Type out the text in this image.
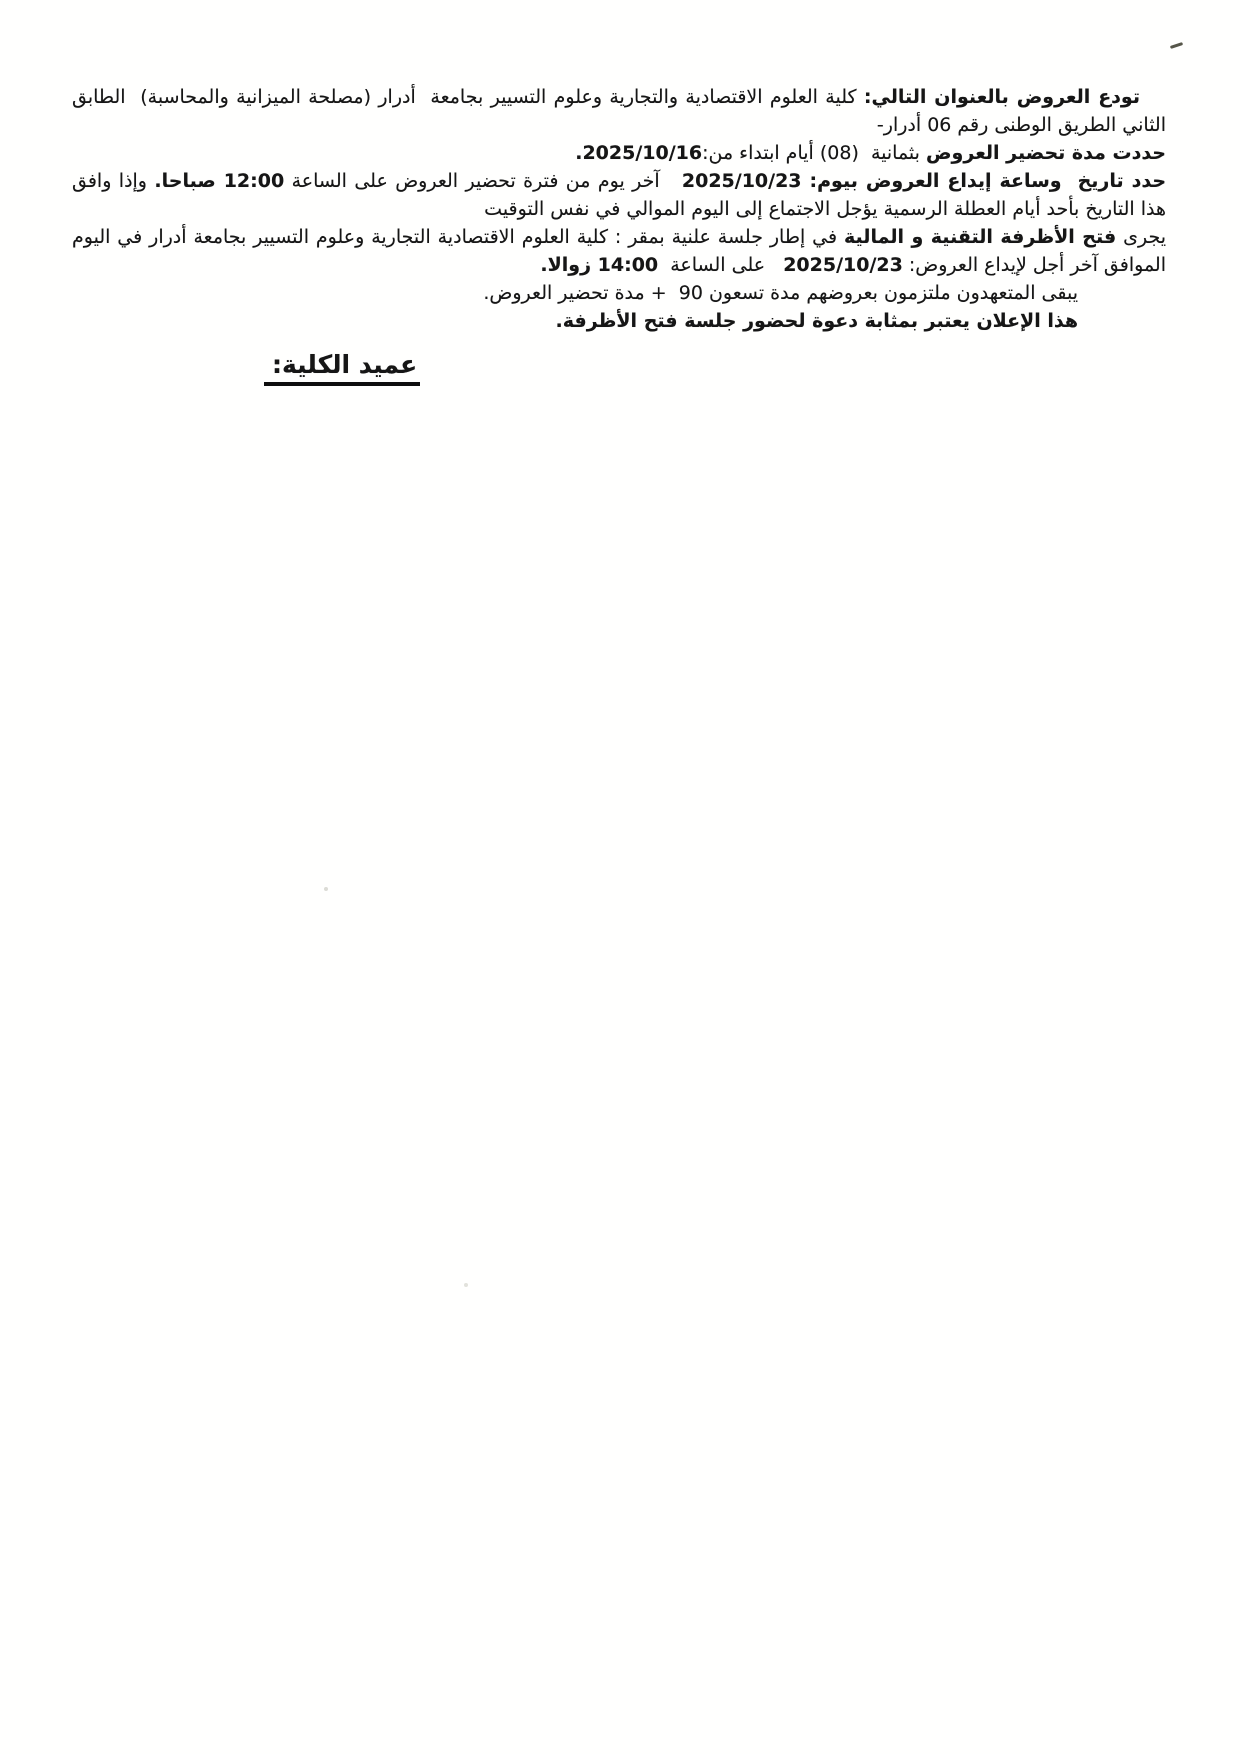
تودع العروض بالعنوان التالي: كلية العلوم الاقتصادية والتجارية وعلوم التسيير بجامعة  أدرار (مصلحة الميزانية والمحاسبة)  الطابق الثاني الطريق الوطنى رقم 06 أدرار-

حددت مدة تحضير العروض بثمانية  (08) أيام ابتداء من:2025/10/16.

حدد تاريخ  وساعة إيداع العروض بيوم: 2025/10/23   آخر يوم من فترة تحضير العروض على الساعة 12:00 صباحا. وإذا وافق هذا التاريخ بأحد أيام العطلة الرسمية يؤجل الاجتماع إلى اليوم الموالي في نفس التوقيت

يجرى فتح الأظرفة التقنية و المالية في إطار جلسة علنية بمقر : كلية العلوم الاقتصادية التجارية وعلوم التسيير بجامعة أدرار في اليوم الموافق آخر أجل لإيداع العروض: 2025/10/23   على الساعة  14:00 زوالا.

يبقى المتعهدون ملتزمون بعروضهم مدة تسعون 90  + مدة تحضير العروض.

هذا الإعلان يعتبر بمثابة دعوة لحضور جلسة فتح الأظرفة.

عميد الكلية:
